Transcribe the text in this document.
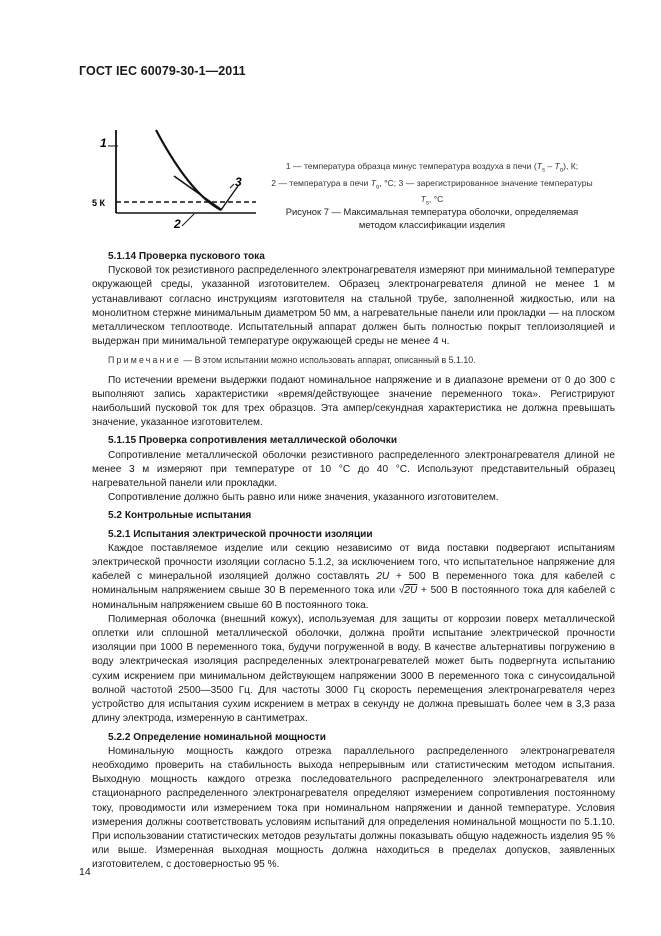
ГОСТ IEC 60079-30-1—2011
1
2
3
5 К
1 — температура образца минус температура воздуха в печи $(T_s - T_o)$, К;
2 — температура в печи $T_o$, °С; 3 — зарегистрированное значение температуры
$T_s$, °С
Рисунок 7 — Максимальная температура оболочки, определяемая
методом классификации изделия

5.1.14 Проверка пускового тока

Пусковой ток резистивного распределенного электронагревателя измеряют при минимальной температуре окружающей среды, указанной изготовителем. Образец электронагревателя длиной не менее 1 м устанавливают согласно инструкциям изготовителя на стальной трубе, заполненной жидкостью, или на монолитном стержне минимальным диаметром 50 мм, а нагревательные панели или прокладки — на плоском металлическом теплоотводе. Испытательный аппарат должен быть полностью покрыт теплоизоляцией и выдержан при минимальной температуре окружающей среды не менее 4 ч.

Примечание — В этом испытании можно использовать аппарат, описанный в 5.1.10.

По истечении времени выдержки подают номинальное напряжение и в диапазоне времени от 0 до 300 с выполняют запись характеристики «время/действующее значение переменного тока». Регистрируют наибольший пусковой ток для трех образцов. Эта ампер/секундная характеристика не должна превышать значение, указанное изготовителем.

5.1.15 Проверка сопротивления металлической оболочки

Сопротивление металлической оболочки резистивного распределенного электронагревателя длиной не менее 3 м измеряют при температуре от 10 °С до 40 °С. Используют представительный образец нагревательной панели или прокладки.

Сопротивление должно быть равно или ниже значения, указанного изготовителем.

5.2 Контрольные испытания

5.2.1 Испытания электрической прочности изоляции

Каждое поставляемое изделие или секцию независимо от вида поставки подвергают испытаниям электрической прочности изоляции согласно 5.1.2, за исключением того, что испытательное напряжение для кабелей с минеральной изоляцией должно составлять 2U + 500 В переменного тока для кабелей с номинальным напряжением свыше 30 В переменного тока или √2U + 500 В постоянного тока для кабелей с номинальным напряжением свыше 60 В постоянного тока.

Полимерная оболочка (внешний кожух), используемая для защиты от коррозии поверх металлической оплетки или сплошной металлической оболочки, должна пройти испытание электрической прочности изоляции при 1000 В переменного тока, будучи погруженной в воду. В качестве альтернативы погружению в воду электрическая изоляция распределенных электронагревателей может быть подвергнута испытанию сухим искрением при минимальном действующем напряжении 3000 В переменного тока с синусоидальной волной частотой 2500—3500 Гц. Для частоты 3000 Гц скорость перемещения электронагревателя через устройство для испытания сухим искрением в метрах в секунду не должна превышать более чем в 3,3 раза длину электрода, измеренную в сантиметрах.

5.2.2 Определение номинальной мощности

Номинальную мощность каждого отрезка параллельного распределенного электронагревателя необходимо проверить на стабильность выхода непрерывным или статистическим методом испытания. Выходную мощность каждого отрезка последовательного распределенного электронагревателя или стационарного распределенного электронагревателя определяют измерением сопротивления постоянному току, проводимости или измерением тока при номинальном напряжении и данной температуре. Условия измерения должны соответствовать условиям испытаний для определения номинальной мощности по 5.1.10. При использовании статистических методов результаты должны показывать общую надежность изделия 95 % или выше. Измеренная выходная мощность должна находиться в пределах допусков, заявленных изготовителем, с достоверностью 95 %.

14
